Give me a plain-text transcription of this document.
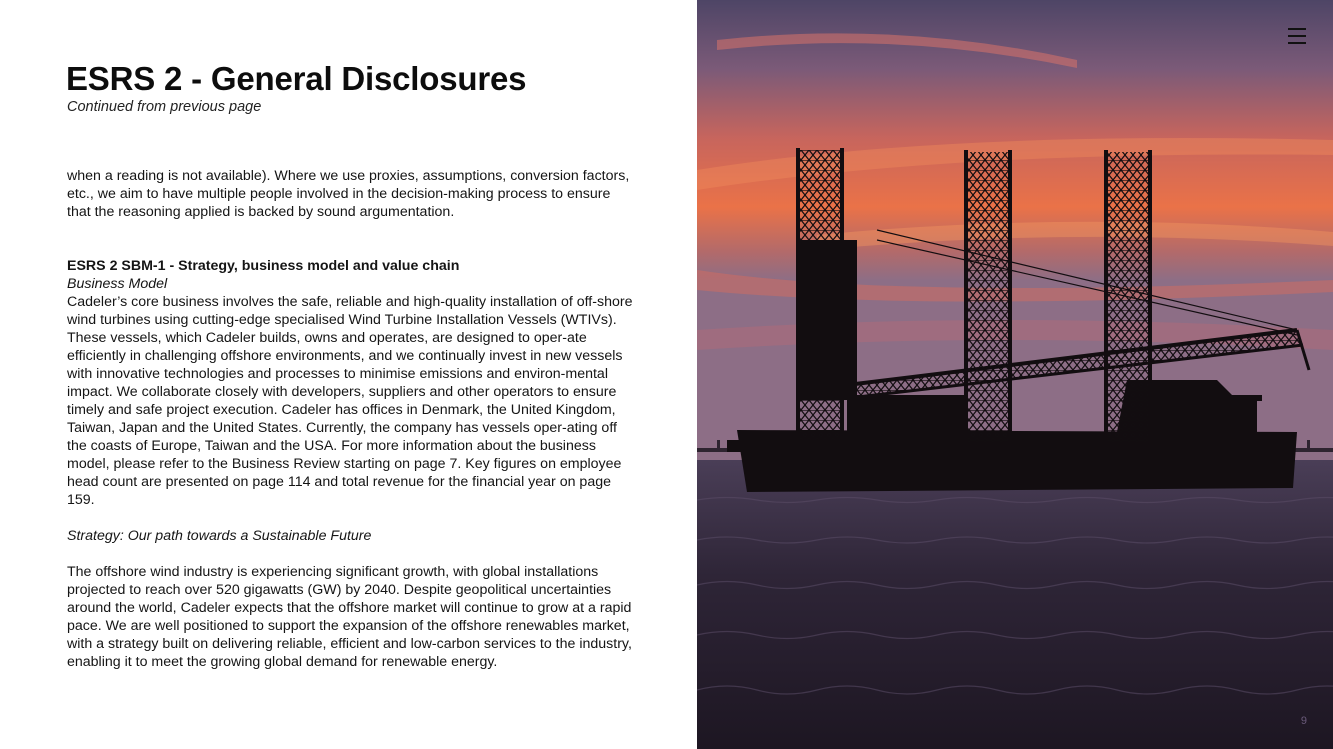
ESRS 2 - General Disclosures
Continued from previous page

when a reading is not available). Where we use proxies, assumptions, conversion factors, etc., we aim to have multiple people involved in the decision-making process to ensure that the reasoning applied is backed by sound argumentation.

ESRS 2 SBM-1 - Strategy, business model and value chain

Business Model

Cadeler’s core business involves the safe, reliable and high-quality installation of off-shore wind turbines using cutting-edge specialised Wind Turbine Installation Vessels (WTIVs). These vessels, which Cadeler builds, owns and operates, are designed to oper-ate efficiently in challenging offshore environments, and we continually invest in new vessels with innovative technologies and processes to minimise emissions and environ-mental impact. We collaborate closely with developers, suppliers and other operators to ensure timely and safe project execution. Cadeler has offices in Denmark, the United Kingdom, Taiwan, Japan and the United States. Currently, the company has vessels oper-ating off the coasts of Europe, Taiwan and the USA. For more information about the business model, please refer to the Business Review starting on page 7. Key figures on employee head count are presented on page 114 and total revenue for the financial year on page 159.

Strategy: Our path towards a Sustainable Future

The offshore wind industry is experiencing significant growth, with global installations projected to reach over 520 gigawatts (GW) by 2040. Despite geopolitical uncertainties around the world, Cadeler expects that the offshore market will continue to grow at a rapid pace. We are well positioned to support the expansion of the offshore renewables market, with a strategy built on delivering reliable, efficient and low-carbon services to the industry, enabling it to meet the growing global demand for renewable energy.

9
